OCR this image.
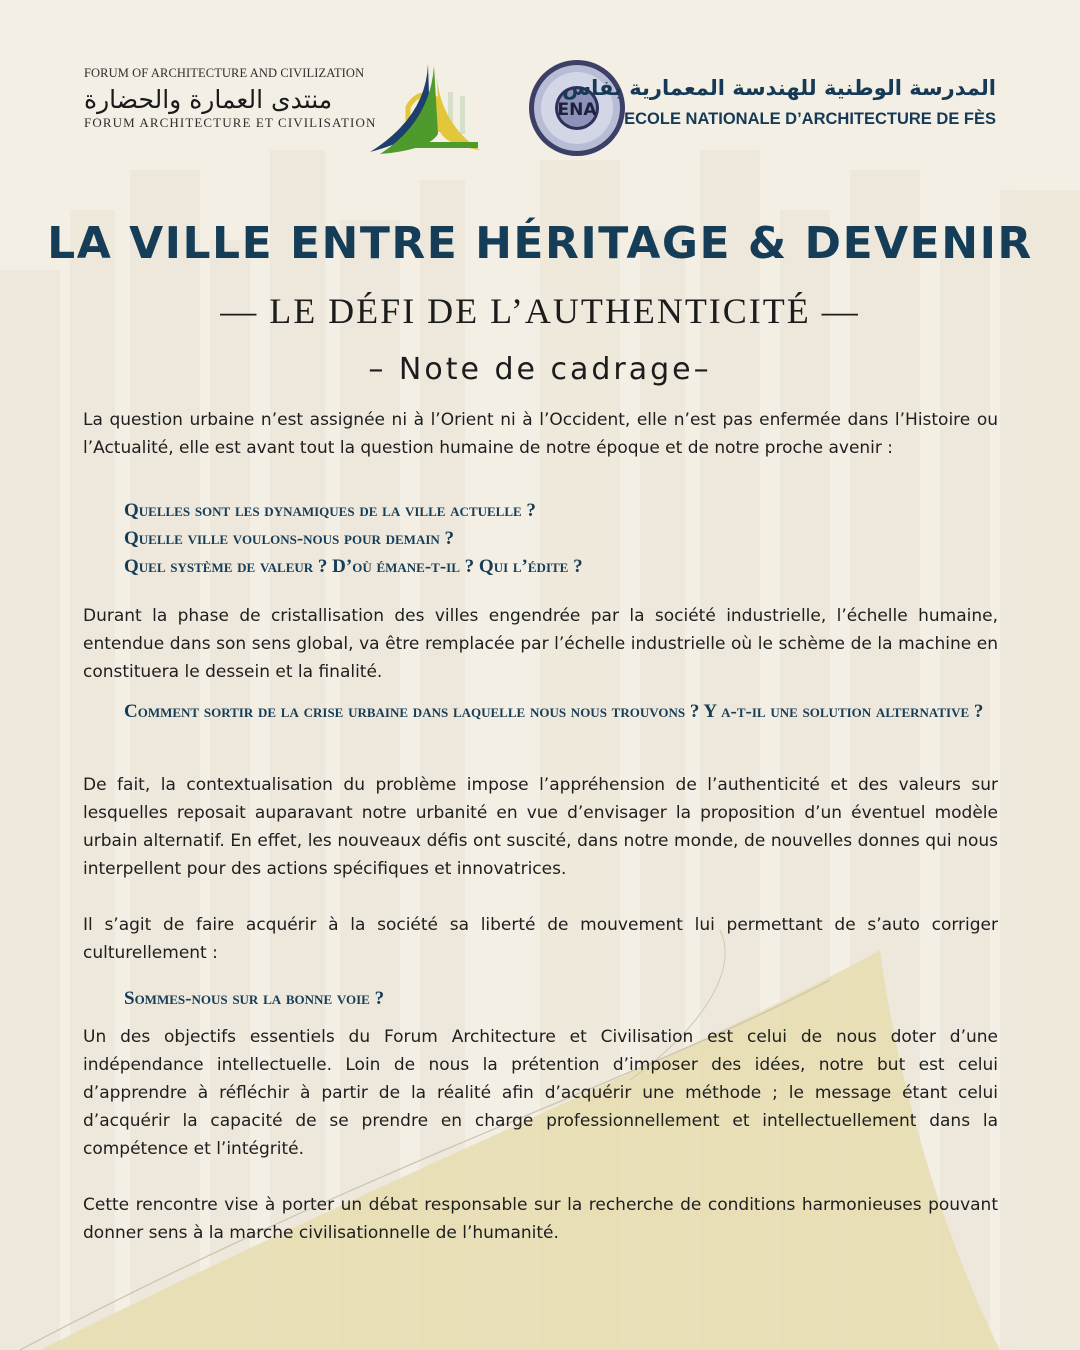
FORUM OF ARCHITECTURE AND CIVILIZATION
منتدى العمارة والحضارة
FORUM ARCHITECTURE ET CIVILISATION
ENA
المدرسة الوطنية للهندسة المعمارية بفاس
ECOLE NATIONALE D’ARCHITECTURE DE FÈS
LA VILLE ENTRE HÉRITAGE & DEVENIR
— LE DÉFI DE L’AUTHENTICITÉ —
– Note de cadrage–
La question urbaine n’est assignée ni à l’Orient ni à l’Occident, elle n’est pas enfermée dans l’Histoire ou l’Actualité, elle est avant tout la question humaine de notre époque et de notre proche avenir :
Quelles sont les dynamiques de la ville actuelle ?
Quelle ville voulons-nous pour demain ?
Quel système de valeur ? D’où émane-t-il ? Qui l’édite ?
Durant la phase de cristallisation des villes engendrée par la société industrielle, l’échelle humaine, entendue dans son sens global, va être remplacée par l’échelle industrielle où le schème de la machine en constituera le dessein et la finalité.
Comment sortir de la crise urbaine dans laquelle nous nous trouvons ? Y a-t-il une solution alternative ?
De fait, la contextualisation du problème impose l’appréhension de l’authenticité et des valeurs sur lesquelles reposait auparavant notre urbanité en vue d’envisager la proposition d’un éventuel modèle urbain alternatif. En effet, les nouveaux défis ont suscité, dans notre monde, de nouvelles donnes qui nous interpellent pour des actions spécifiques et innovatrices.
Il s’agit de faire acquérir à la société sa liberté de mouvement lui permettant de s’auto corriger culturellement :
Sommes-nous sur la bonne voie ?
Un des objectifs essentiels du Forum Architecture et Civilisation est celui de nous doter d’une indépendance intellectuelle. Loin de nous la prétention d’imposer des idées, notre but est celui d’apprendre à réfléchir à partir de la réalité afin d’acquérir une méthode ; le message étant celui d’acquérir la capacité de se prendre en charge professionnellement et intellectuellement dans la compétence et l’intégrité.
Cette rencontre vise à porter un débat responsable sur la recherche de conditions harmonieuses pouvant donner sens à la marche civilisationnelle de l’humanité.
